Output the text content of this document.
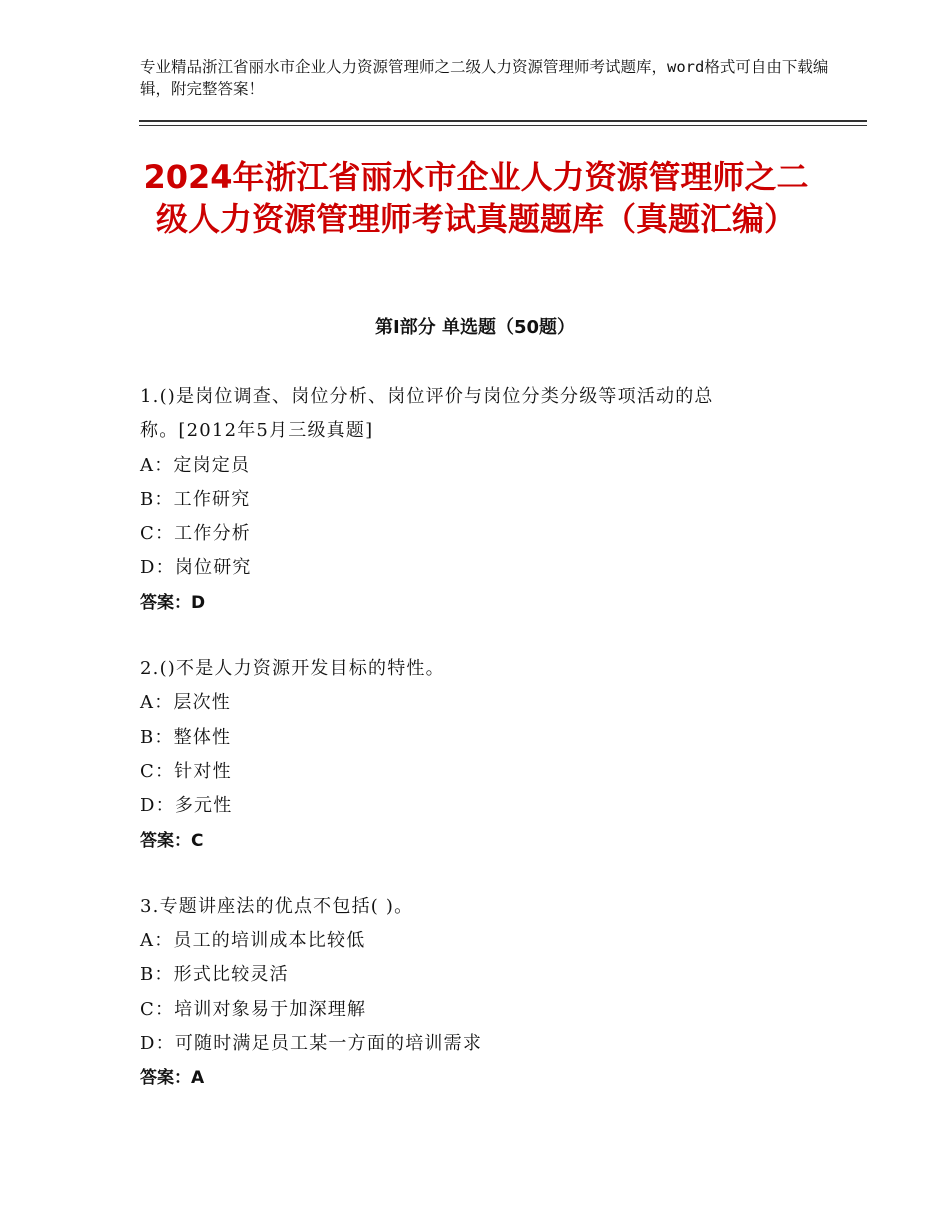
专业精品浙江省丽水市企业人力资源管理师之二级人力资源管理师考试题库，word格式可自由下载编辑，附完整答案！
2024年浙江省丽水市企业人力资源管理师之二级人力资源管理师考试真题题库（真题汇编）
第Ⅰ部分 单选题（50题）
1.()是岗位调查、岗位分析、岗位评价与岗位分类分级等项活动的总
称。[2012年5月三级真题]
A：定岗定员
B：工作研究
C：工作分析
D：岗位研究
答案：D
2.()不是人力资源开发目标的特性。
A：层次性
B：整体性
C：针对性
D：多元性
答案：C
3.专题讲座法的优点不包括( )。
A：员工的培训成本比较低
B：形式比较灵活
C：培训对象易于加深理解
D：可随时满足员工某一方面的培训需求
答案：A
